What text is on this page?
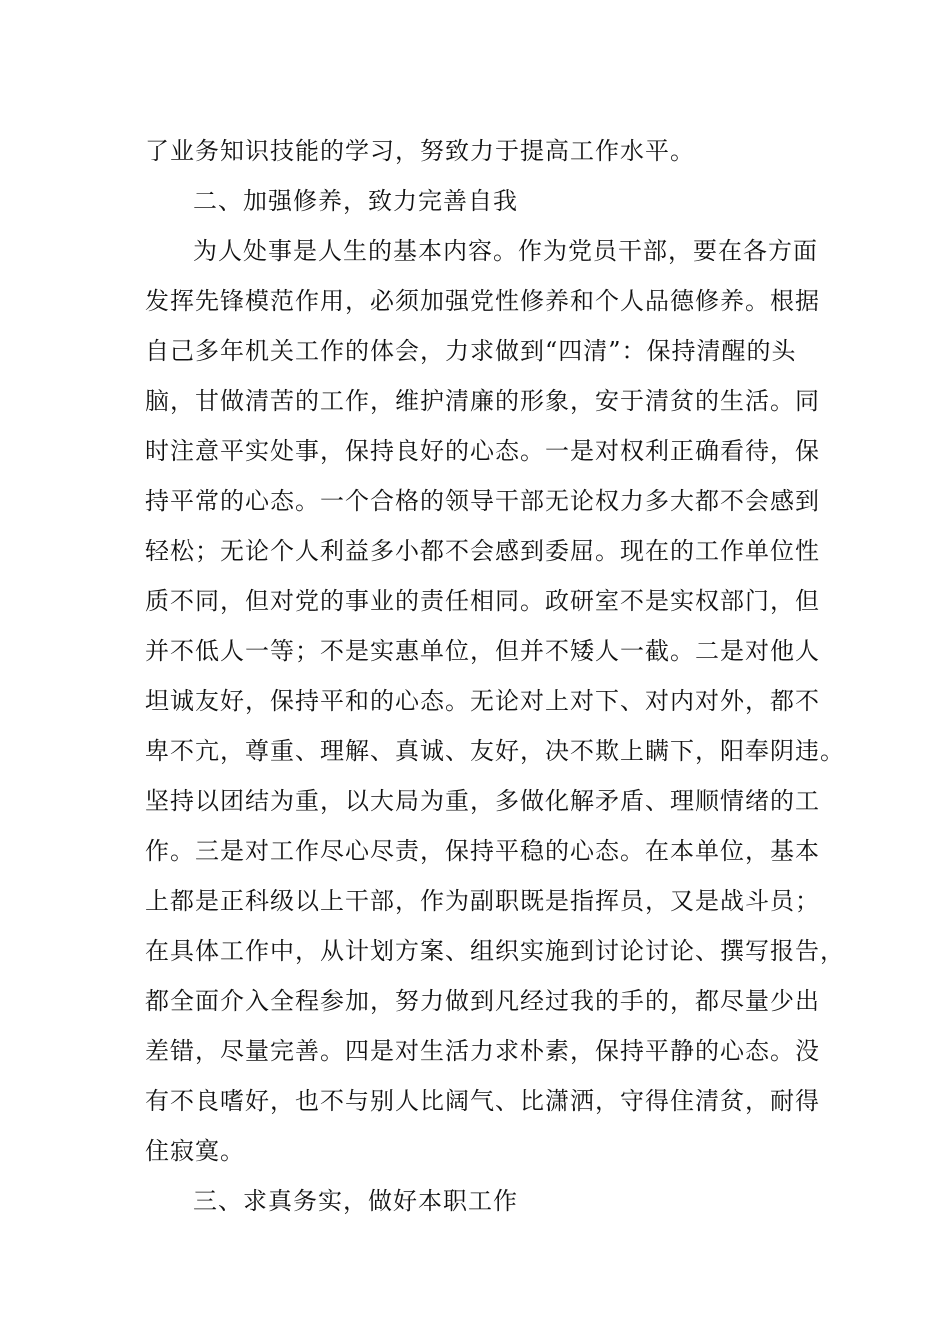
了业务知识技能的学习，努致力于提高工作水平。
二、加强修养，致力完善自我
为人处事是人生的基本内容。作为党员干部，要在各方面
发挥先锋模范作用，必须加强党性修养和个人品德修养。根据
自己多年机关工作的体会，力求做到“四清”：保持清醒的头
脑，甘做清苦的工作，维护清廉的形象，安于清贫的生活。同
时注意平实处事，保持良好的心态。一是对权利正确看待，保
持平常的心态。一个合格的领导干部无论权力多大都不会感到
轻松；无论个人利益多小都不会感到委屈。现在的工作单位性
质不同，但对党的事业的责任相同。政研室不是实权部门，但
并不低人一等；不是实惠单位，但并不矮人一截。二是对他人
坦诚友好，保持平和的心态。无论对上对下、对内对外，都不
卑不亢，尊重、理解、真诚、友好，决不欺上瞒下，阳奉阴违。
坚持以团结为重，以大局为重，多做化解矛盾、理顺情绪的工
作。三是对工作尽心尽责，保持平稳的心态。在本单位，基本
上都是正科级以上干部，作为副职既是指挥员，又是战斗员；
在具体工作中，从计划方案、组织实施到讨论讨论、撰写报告，
都全面介入全程参加，努力做到凡经过我的手的，都尽量少出
差错，尽量完善。四是对生活力求朴素，保持平静的心态。没
有不良嗜好，也不与别人比阔气、比潇洒，守得住清贫，耐得
住寂寞。
三、求真务实，做好本职工作
